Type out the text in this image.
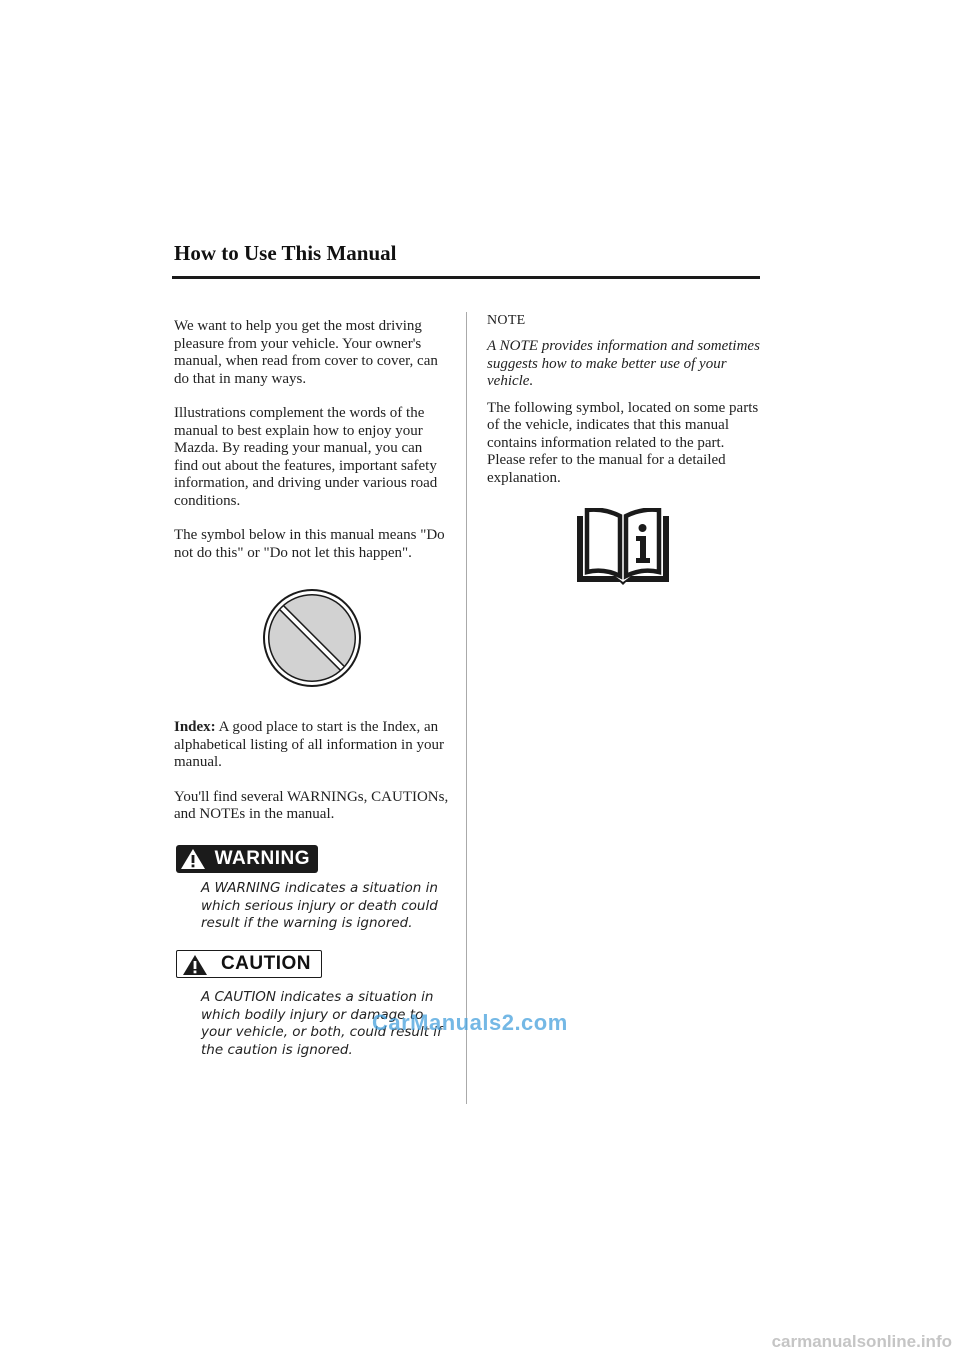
How to Use This Manual

We want to help you get the most driving pleasure from your vehicle. Your owner's manual, when read from cover to cover, can do that in many ways.

Illustrations complement the words of the manual to best explain how to enjoy your Mazda. By reading your manual, you can find out about the features, important safety information, and driving under various road conditions.

The symbol below in this manual means "Do not do this" or "Do not let this happen".

Index: A good place to start is the Index, an alphabetical listing of all information in your manual.

You'll find several WARNINGs, CAUTIONs, and NOTEs in the manual.

WARNING

A WARNING indicates a situation in which serious injury or death could result if the warning is ignored.

CAUTION

A CAUTION indicates a situation in which bodily injury or damage to your vehicle, or both, could result if the caution is ignored.

NOTE

A NOTE provides information and sometimes suggests how to make better use of your vehicle.

The following symbol, located on some parts of the vehicle, indicates that this manual contains information related to the part.

Please refer to the manual for a detailed explanation.

CarManuals2.com
carmanualsonline.info
